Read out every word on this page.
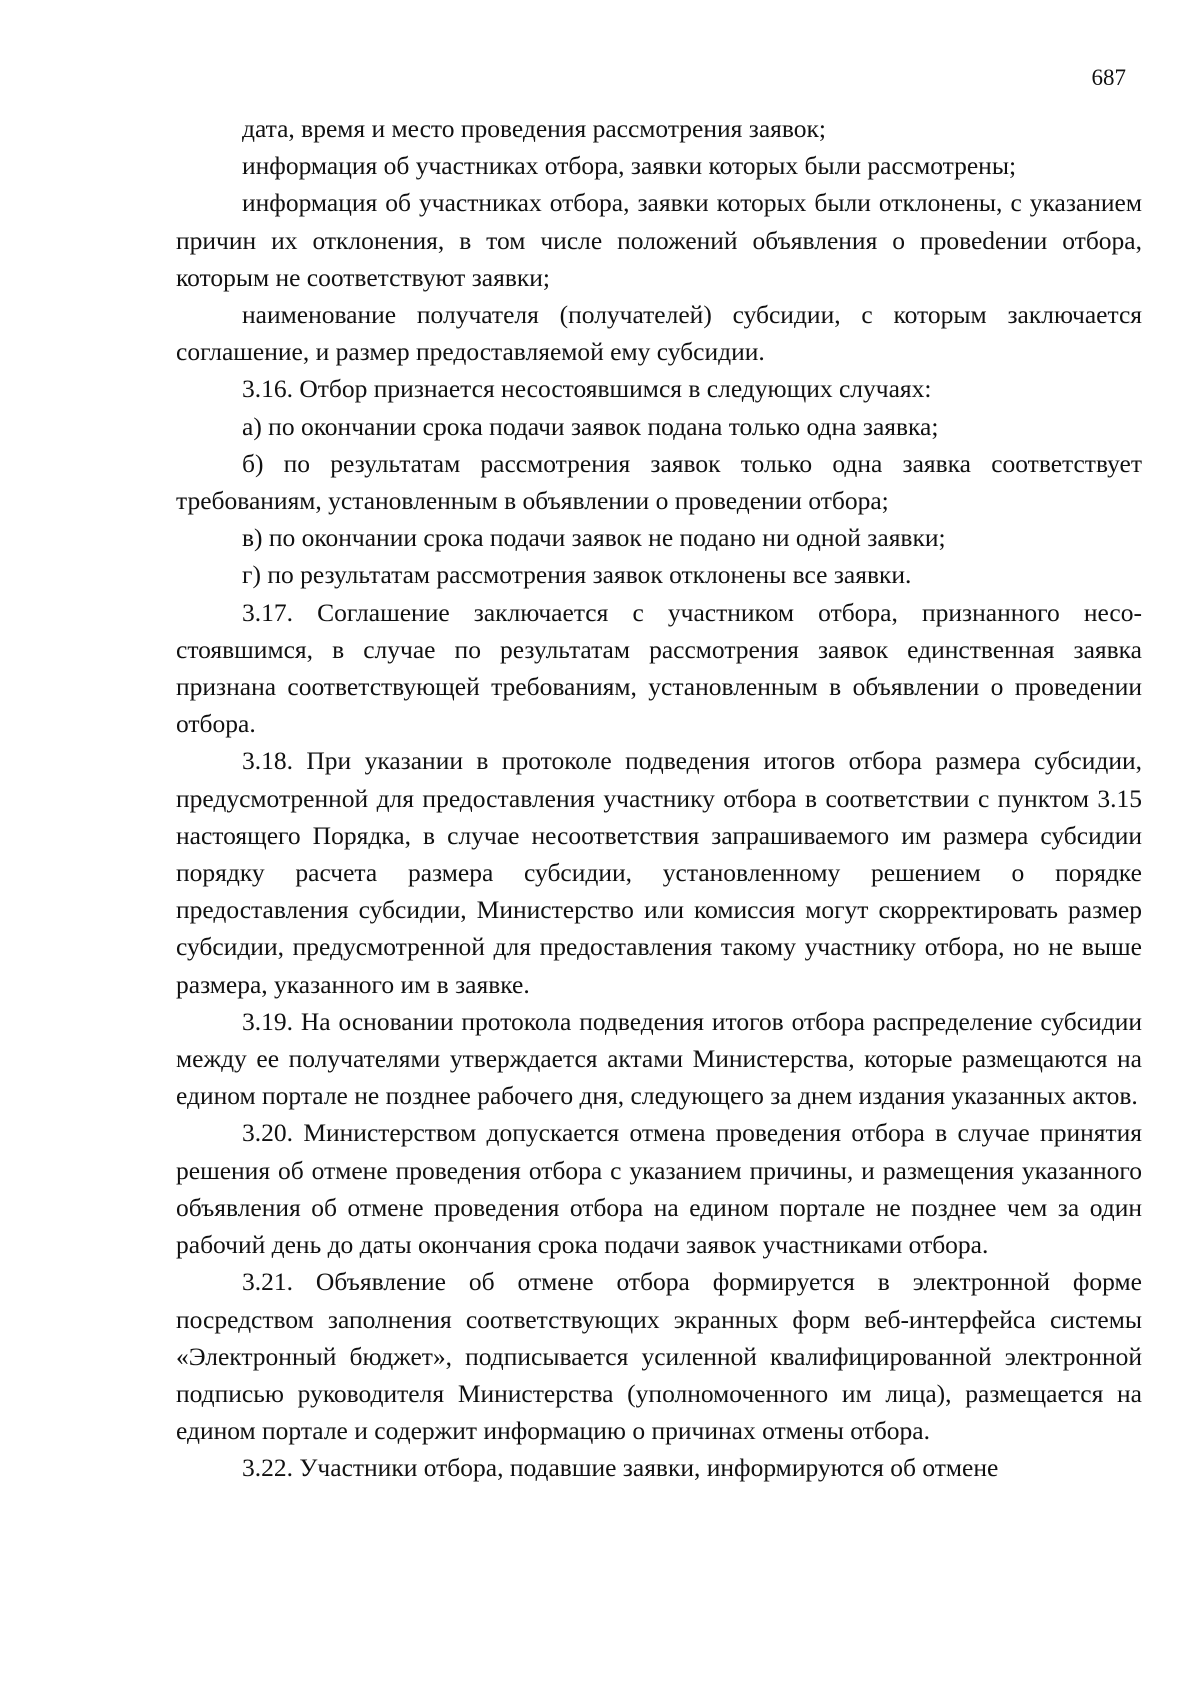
687

дата, время и место проведения рассмотрения заявок;

информация об участниках отбора, заявки которых были рассмотрены;

информация об участниках отбора, заявки которых были отклонены, с указанием причин их отклонения, в том числе положений объявления о провеdении отбора, которым не соответствуют заявки;

наименование получателя (получателей) субсидии, с которым заключается соглашение, и размер предоставляемой ему субсидии.

3.16. Отбор признается несостоявшимся в следующих случаях:

а) по окончании срока подачи заявок подана только одна заявка;

б) по результатам рассмотрения заявок только одна заявка соответствует требованиям, установленным в объявлении о проведении отбора;

в) по окончании срока подачи заявок не подано ни одной заявки;

г) по результатам рассмотрения заявок отклонены все заявки.

3.17. Соглашение заключается с участником отбора, признанного несостоявшимся, в случае по результатам рассмотрения заявок единственная заявка признана соответствующей требованиям, установленным в объявлении о проведении отбора.

3.18. При указании в протоколе подведения итогов отбора размера субсидии, предусмотренной для предоставления участнику отбора в соответствии с пунктом 3.15 настоящего Порядка, в случае несоответствия запрашиваемого им размера субсидии порядку расчета размера субсидии, установленному решением о порядке предоставления субсидии, Министерство или комиссия могут скорректировать размер субсидии, предусмотренной для предоставления такому участнику отбора, но не выше размера, указанного им в заявке.

3.19. На основании протокола подведения итогов отбора распределение субсидии между ее получателями утверждается актами Министерства, которые размещаются на едином портале не позднее рабочего дня, следующего за днем издания указанных актов.

3.20. Министерством допускается отмена проведения отбора в случае принятия решения об отмене проведения отбора с указанием причины, и размещения указанного объявления об отмене проведения отбора на едином портале не позднее чем за один рабочий день до даты окончания срока подачи заявок участниками отбора.

3.21. Объявление об отмене отбора формируется в электронной форме посредством заполнения соответствующих экранных форм веб-интерфейса системы «Электронный бюджет», подписывается усиленной квалифицированной электронной подписью руководителя Министерства (уполномоченного им лица), размещается на едином портале и содержит информацию о причинах отмены отбора.

3.22. Участники отбора, подавшие заявки, информируются об отмене
